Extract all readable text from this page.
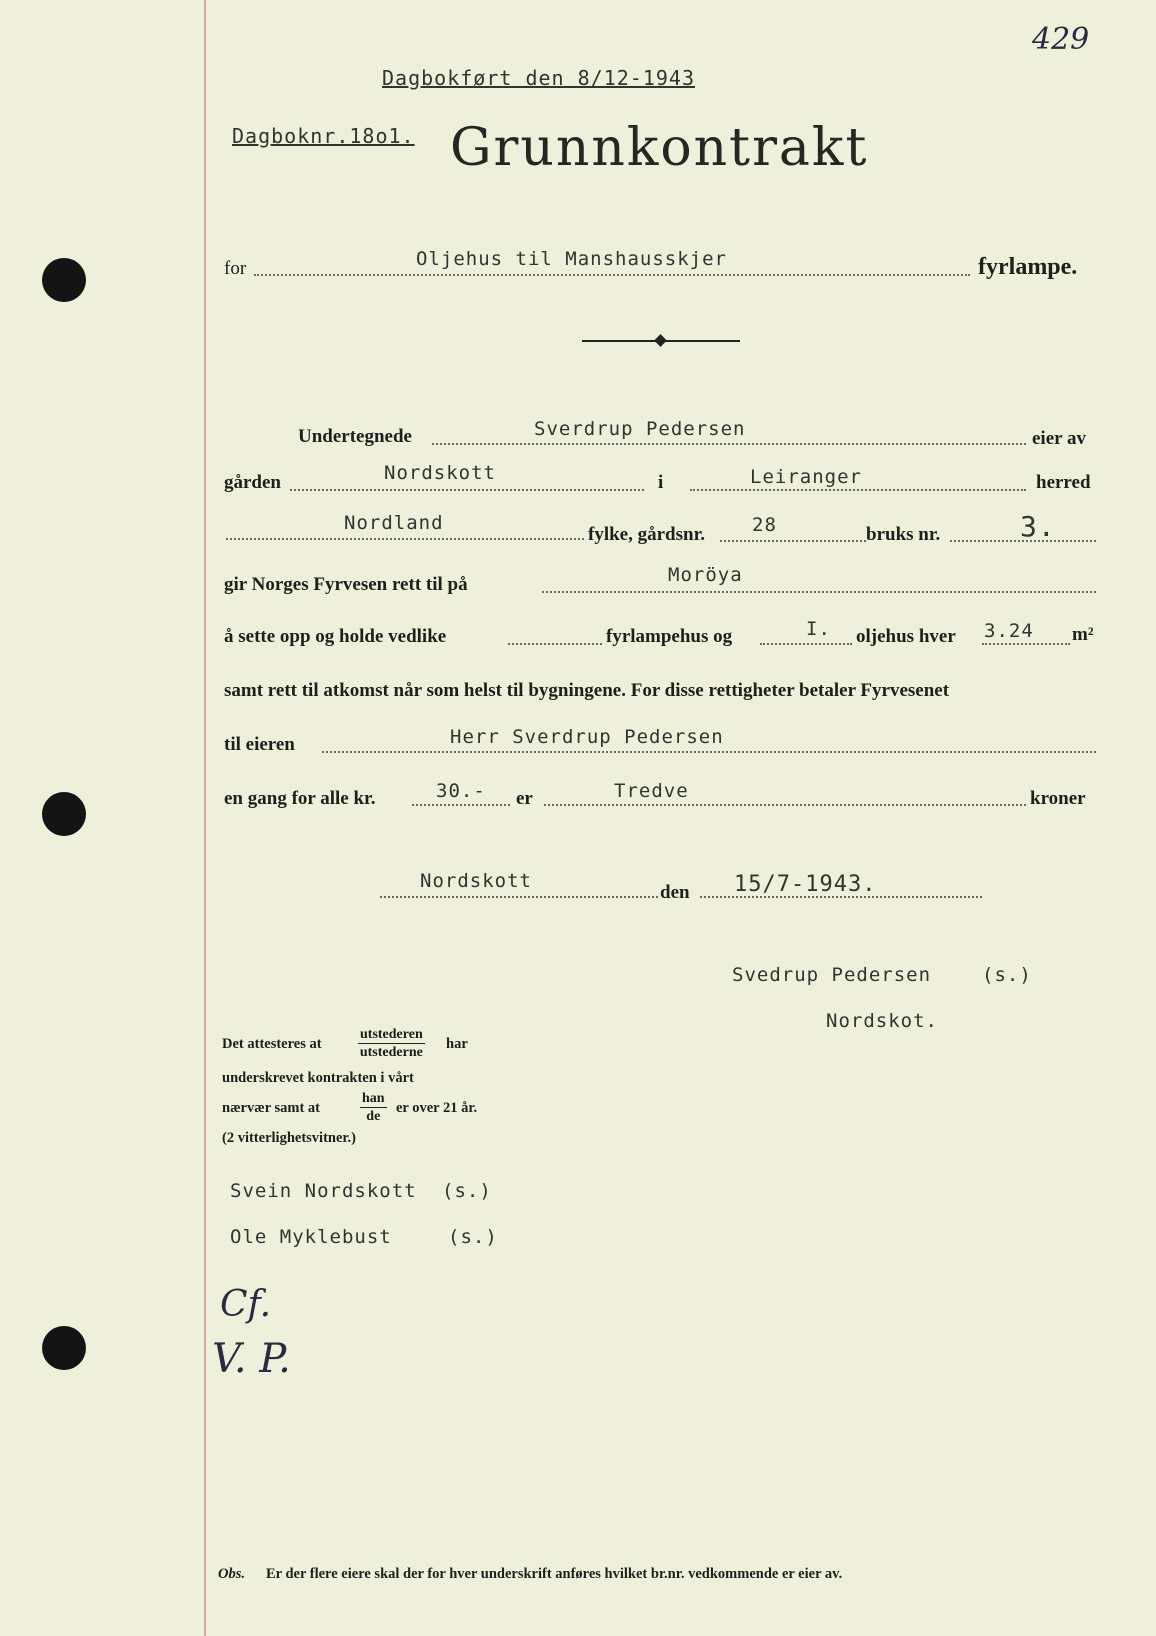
429
Dagbokført den 8/12-1943
Dagboknr.18o1. Grunnkontrakt
for	Oljehus til Manshausskjer	fyrlampe.
Undertegnede	Sverdrup Pedersen	eier av
gården	Nordskott	i	Leiranger	herred
Nordland
fylke, gårdsnr. 28	bruks nr.	3.
gir Norges Fyrvesen rett til på	Moröya
å sette opp og holde vedlike	fyrlampehus og	I. oljehus hver 3.24 m²
samt rett til atkomst når som helst til bygningene. For disse rettigheter betaler Fyrvesenet
til eieren	Herr Sverdrup Pedersen
en gang for alle kr.	30.- er	Tredve	kroner
Nordskott
den 15/7-1943.
Svedrup Pedersen	(s.)
Nordskot.
Det attesteres at
utstederen
utstederne
har
underskrevet kontrakten i vårt
nærvær samt at
han
de
er over 21 år.
(2 vitterlighetsvitner.)
Svein Nordskott (s.)
Ole Myklebust	(s.)
Cf.
V. P.
Obs. Er der flere eiere skal der for hver underskrift anføres hvilket br.nr. vedkommende er eier av.
